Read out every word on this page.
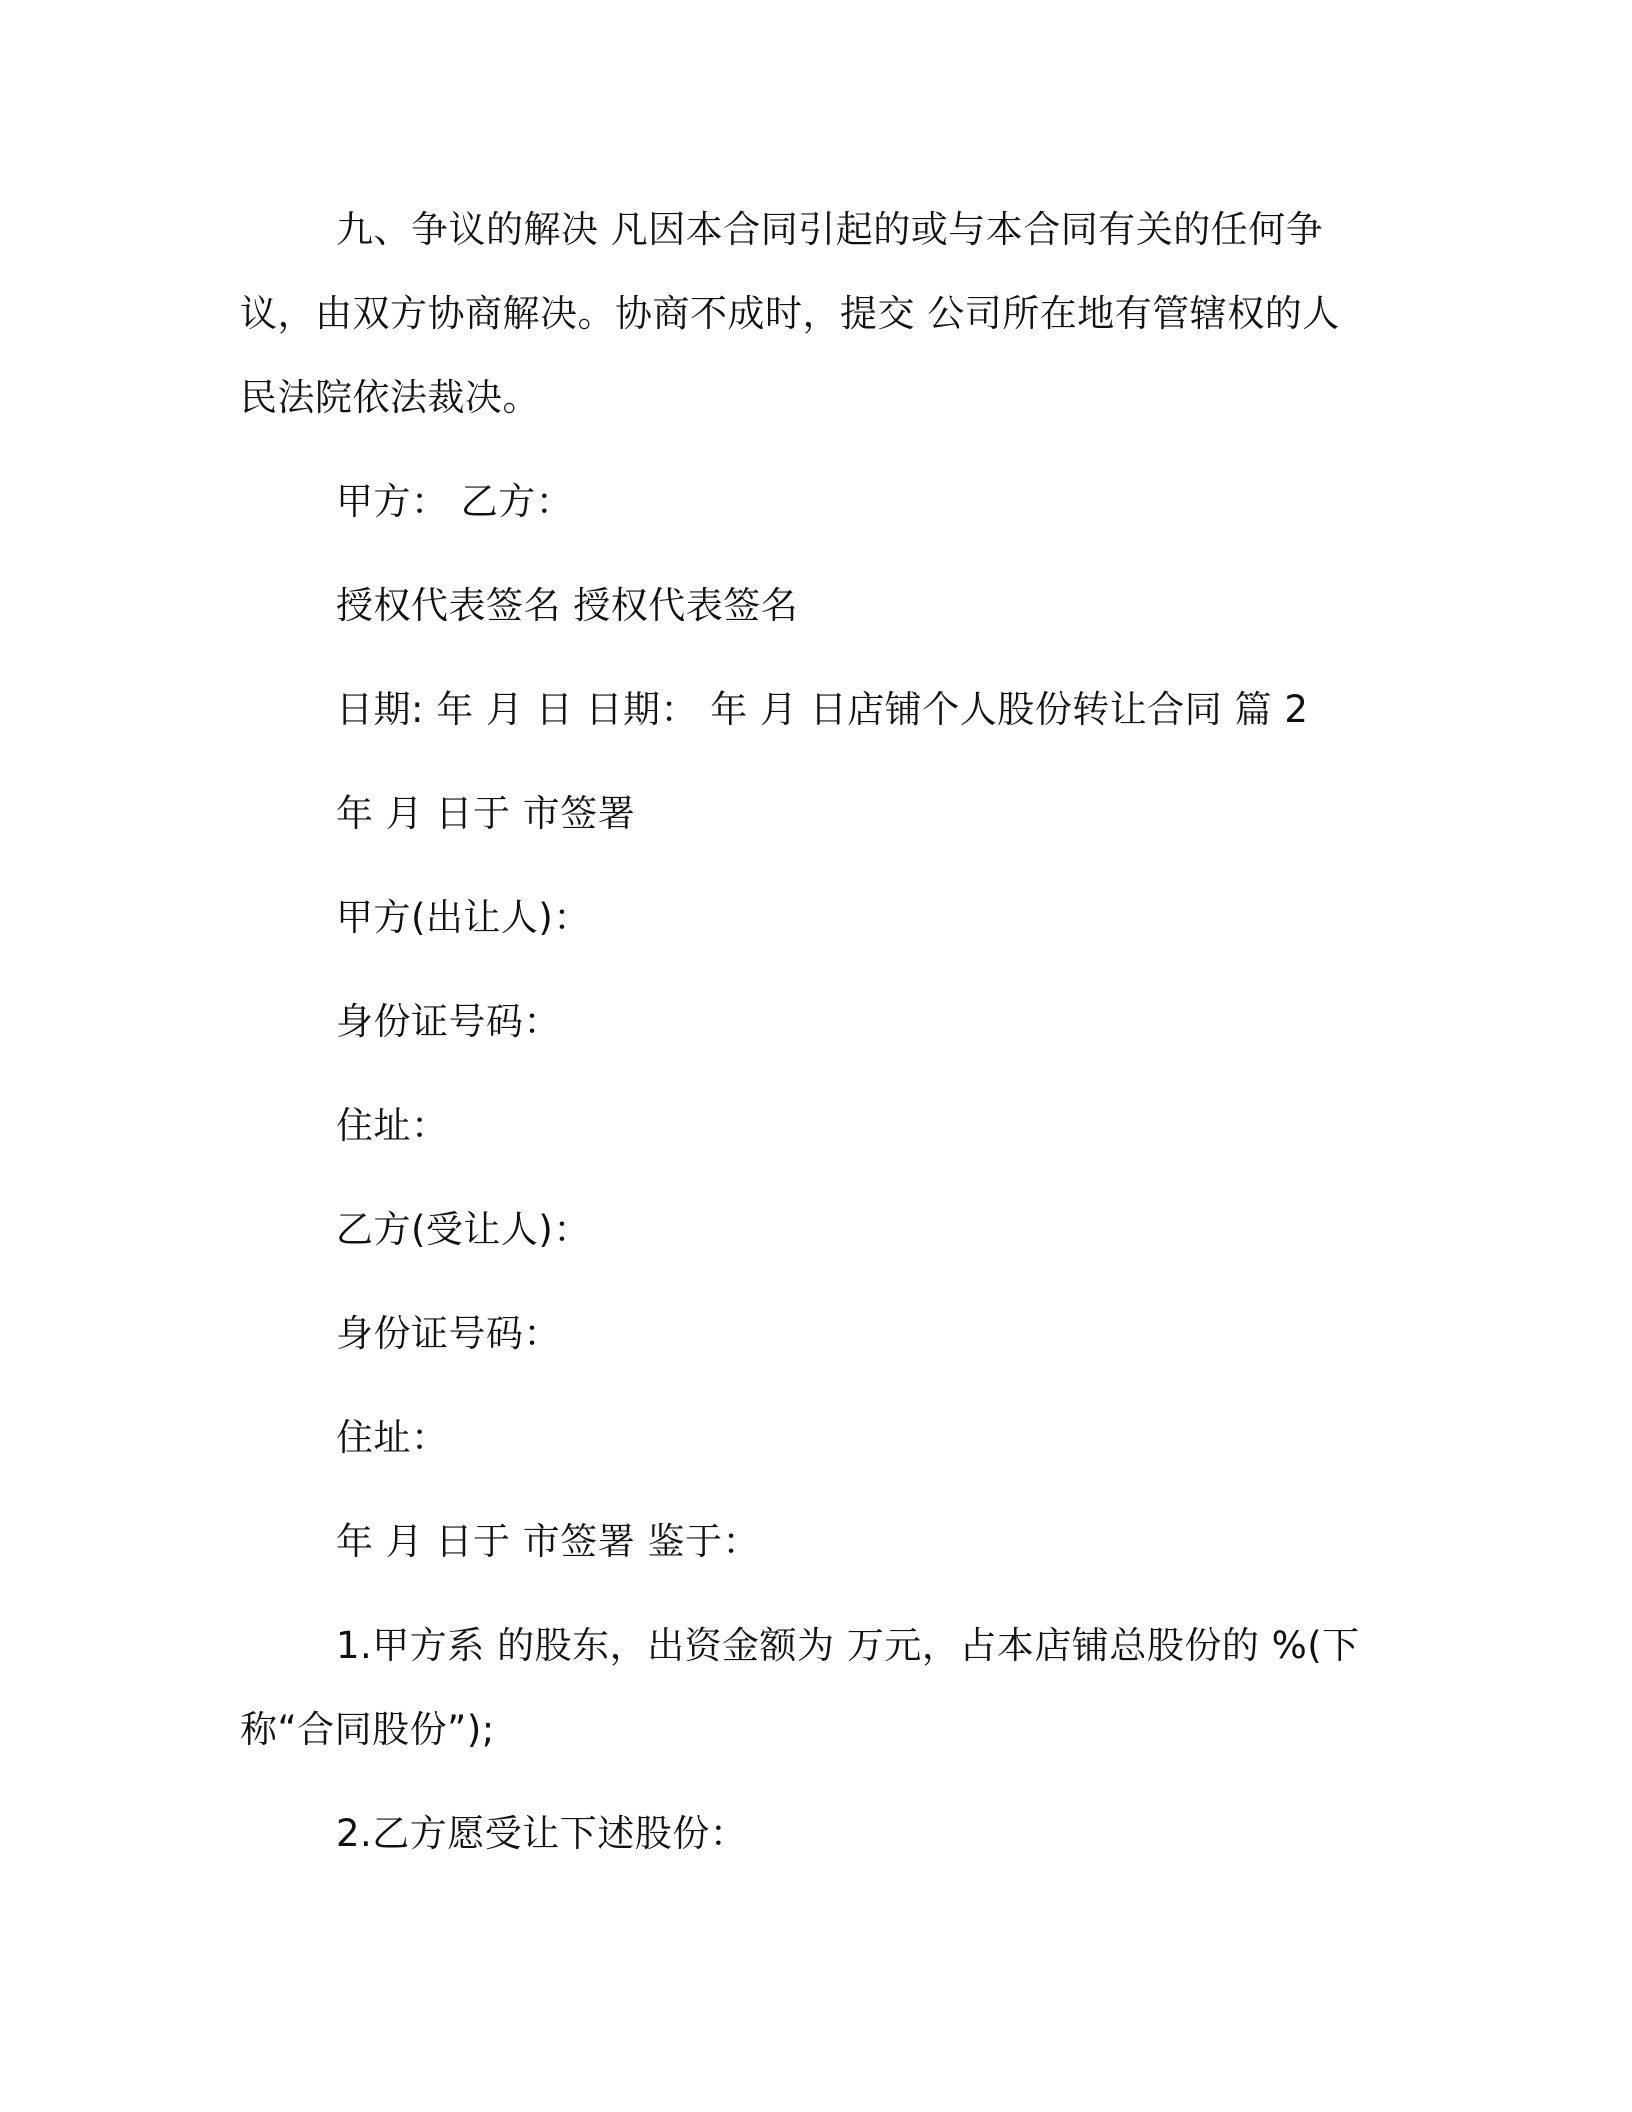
九、争议的解决 凡因本合同引起的或与本合同有关的任何争议，由双方协商解决。协商不成时，提交 公司所在地有管辖权的人民法院依法裁决。

甲方： 乙方：

授权代表签名 授权代表签名

日期: 年 月 日 日期： 年 月 日店铺个人股份转让合同 篇 2

年 月 日于 市签署

甲方(出让人)：

身份证号码：

住址：

乙方(受让人)：

身份证号码：

住址：

年 月 日于 市签署 鉴于：

1.甲方系 的股东，出资金额为 万元，占本店铺总股份的 %(下称“合同股份”);

2.乙方愿受让下述股份：
